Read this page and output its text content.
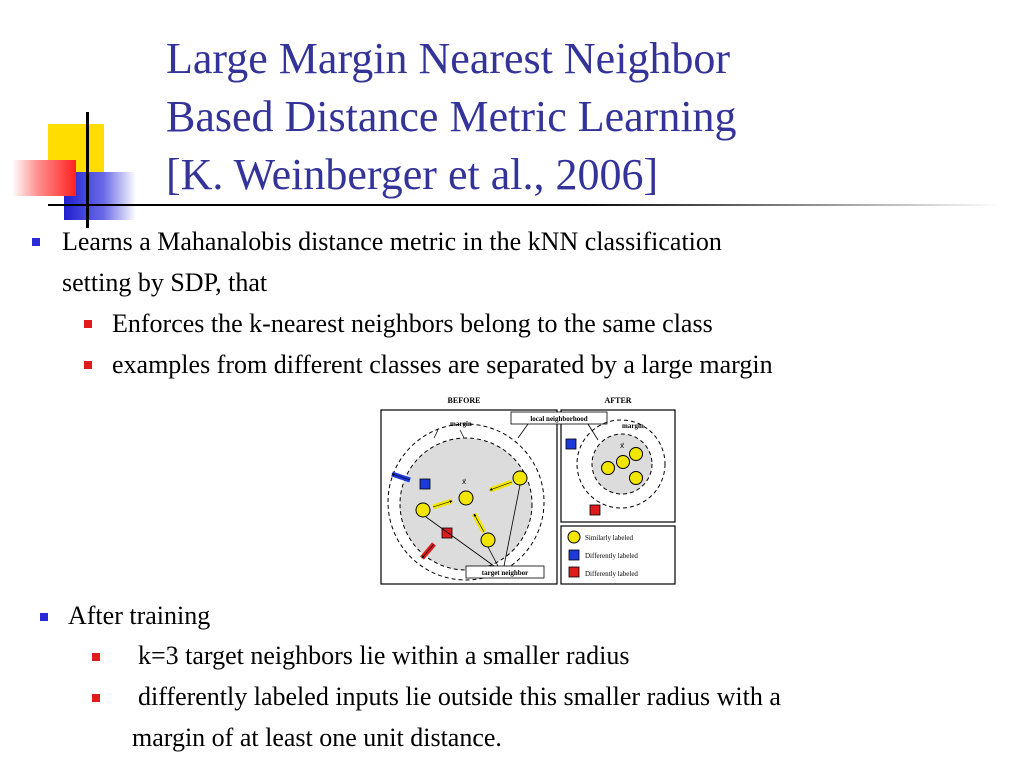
Large Margin Nearest Neighbor
Based Distance Metric Learning
[K. Weinberger et al., 2006]
Learns a Mahanalobis distance metric in the kNN classification
setting by SDP, that
Enforces the k-nearest neighbors belong to the same class
examples from different classes are separated by a large margin
BEFORE	AFTER
margin
local neighborhood
x⃗
target neighbor
margin
x⃗
Similarly labeled
Differently labeled
Differently labeled
After training
k=3 target neighbors lie within a smaller radius
differently labeled inputs lie outside this smaller radius with a
margin of at least one unit distance.
